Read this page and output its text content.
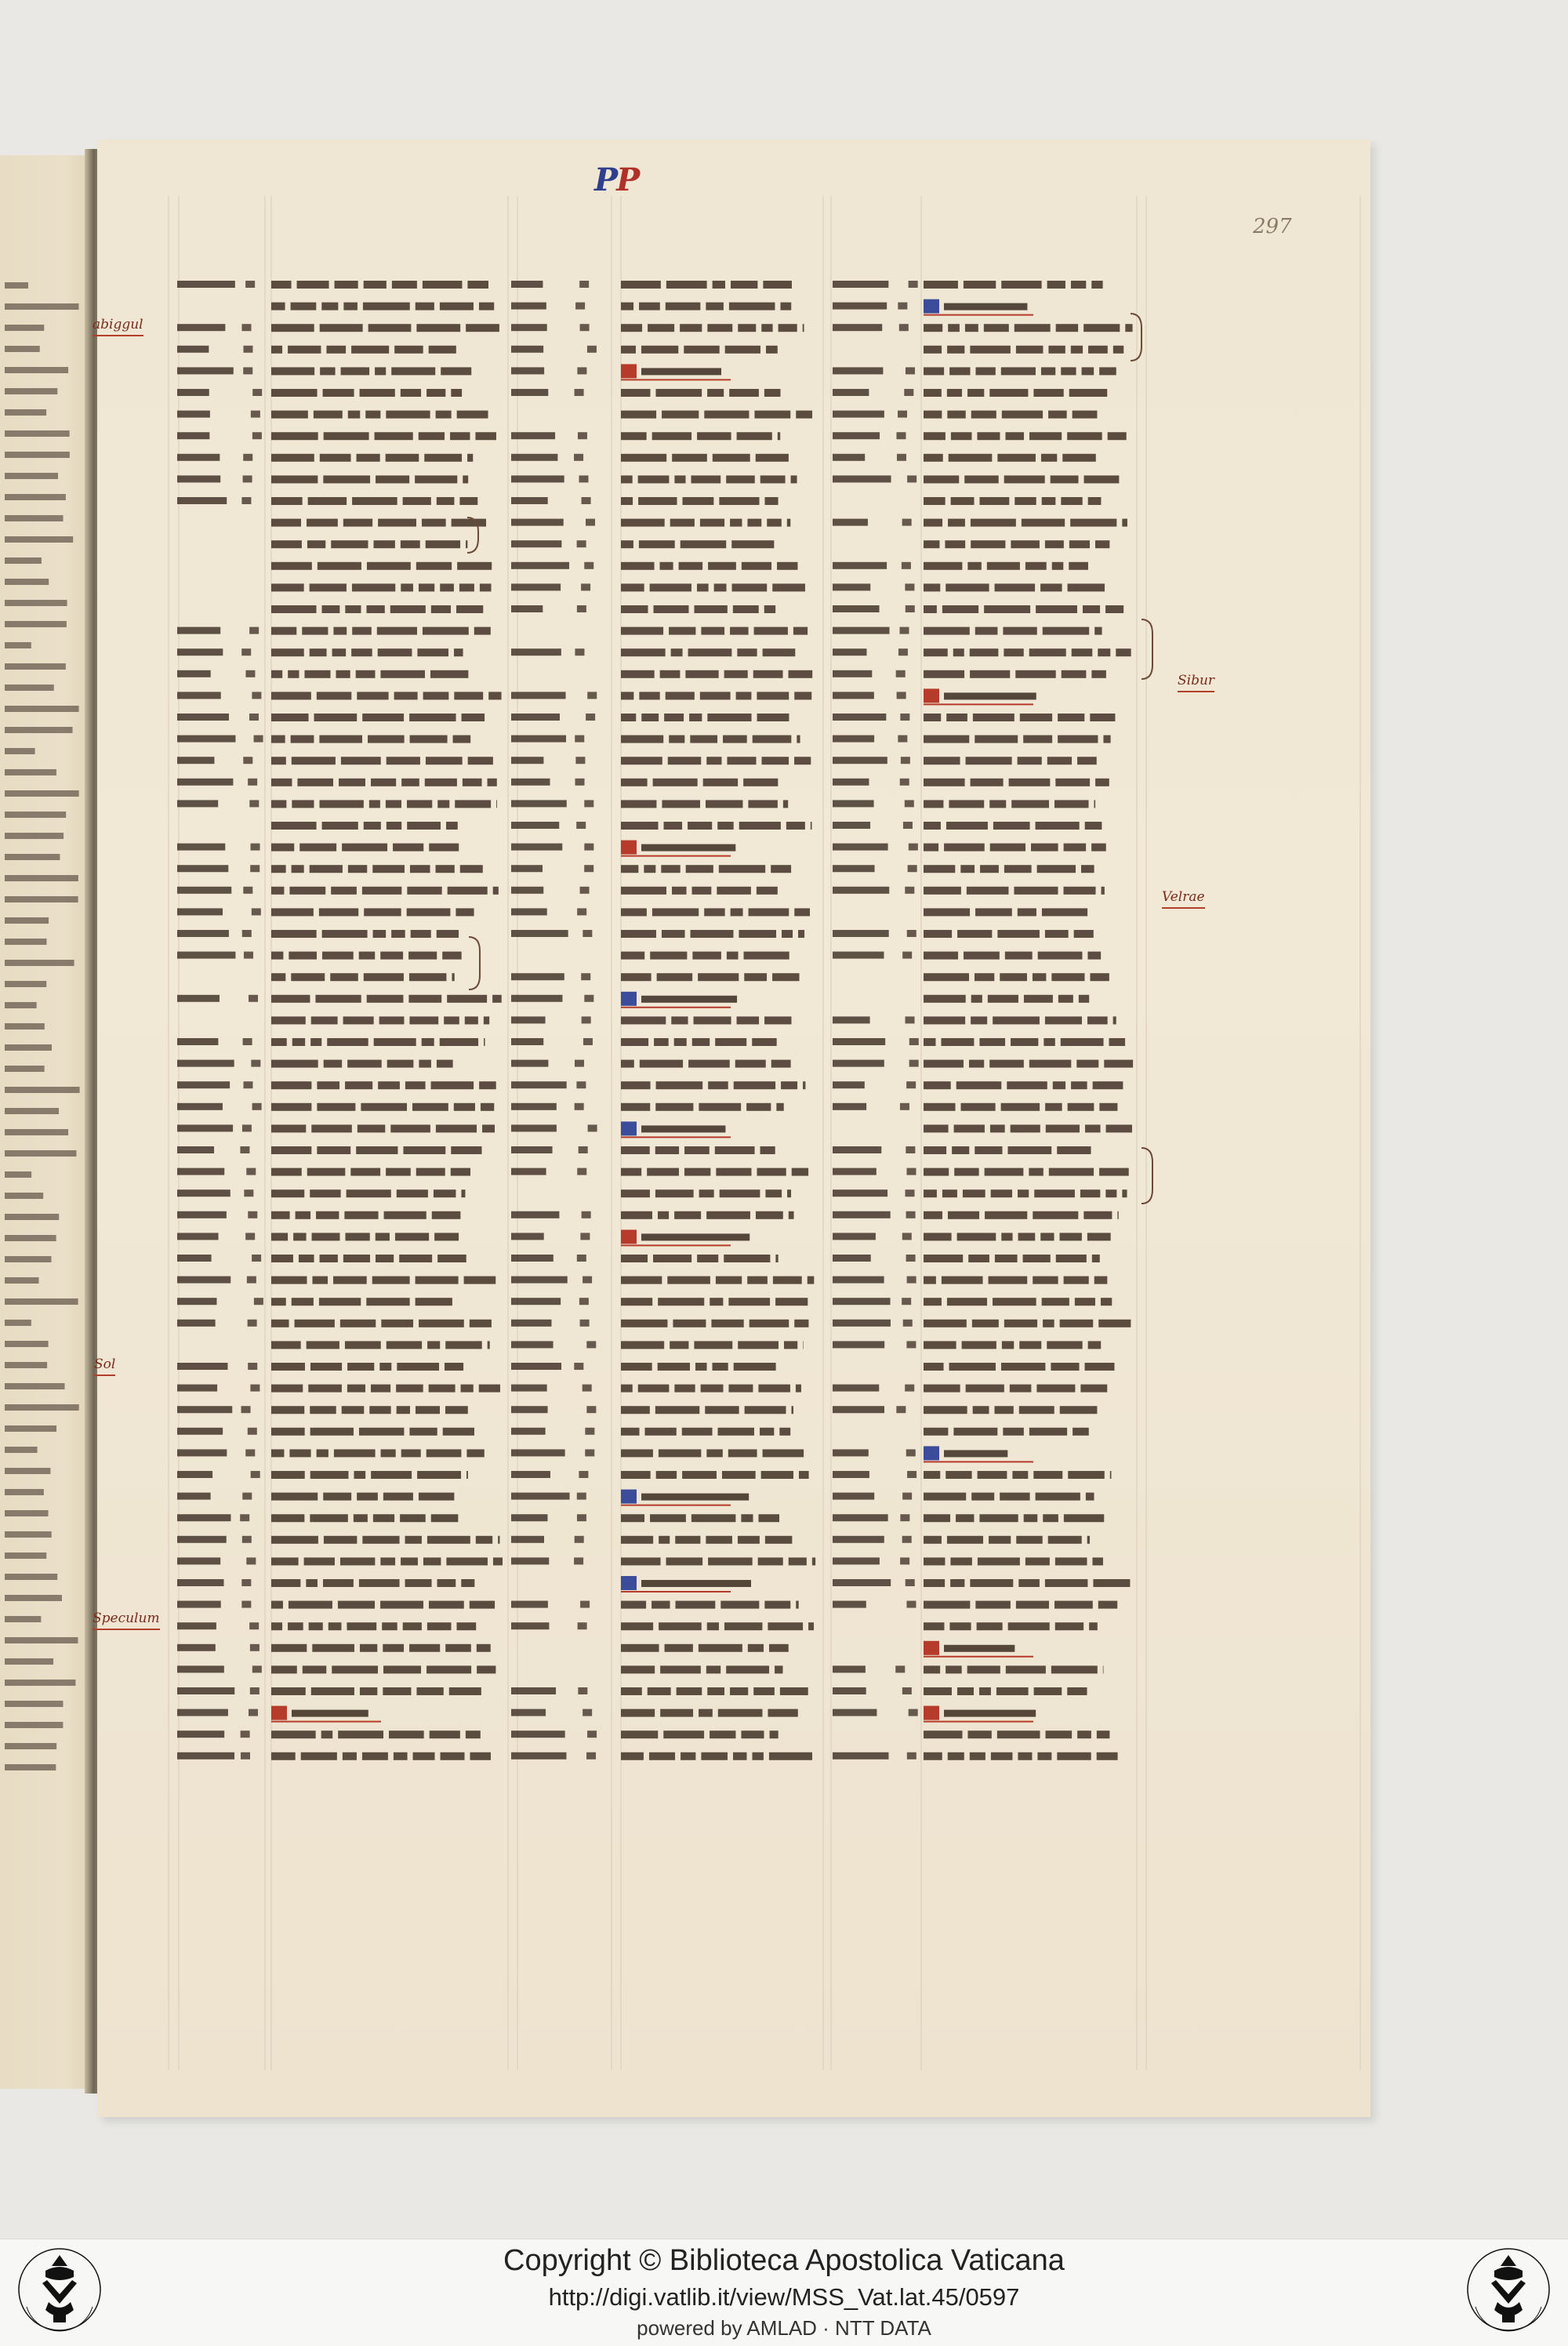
PP
297
abiggul
Sol
Speculum
Sibur
Velrae
Copyright © Biblioteca Apostolica Vaticana
http://digi.vatlib.it/view/MSS_Vat.lat.45/0597
powered by AMLAD · NTT DATA
